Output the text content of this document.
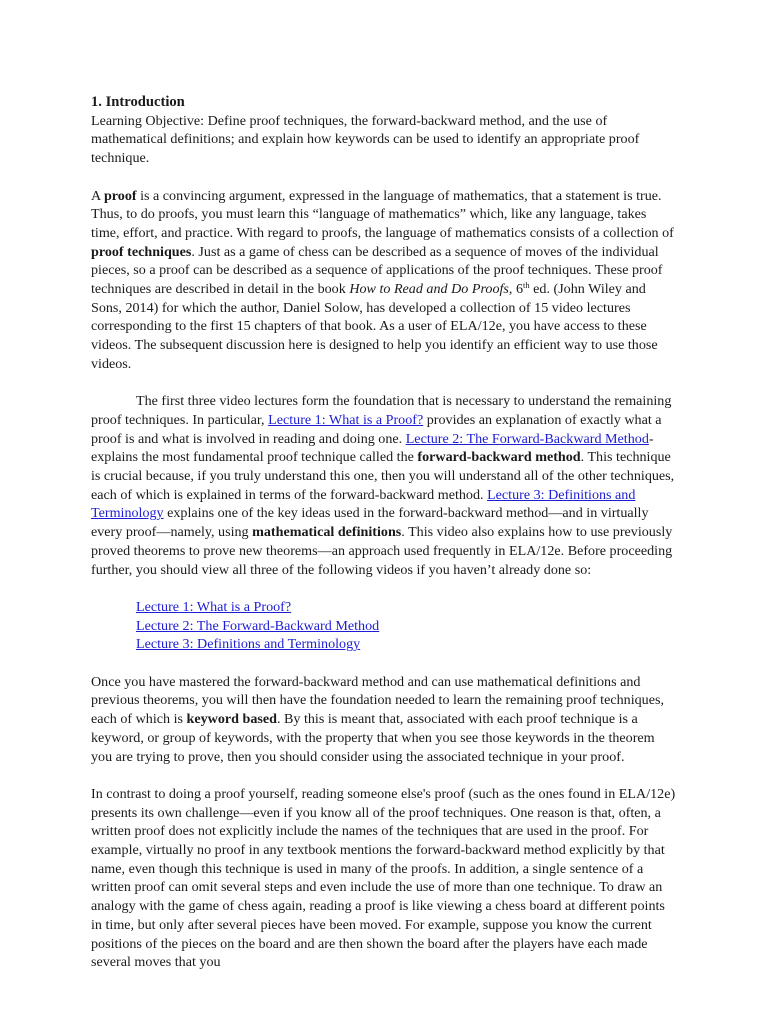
1. Introduction

Learning Objective: Define proof techniques, the forward-backward method, and the use of mathematical definitions; and explain how keywords can be used to identify an appropriate proof technique.

A proof is a convincing argument, expressed in the language of mathematics, that a statement is true. Thus, to do proofs, you must learn this “language of mathematics” which, like any language, takes time, effort, and practice. With regard to proofs, the language of mathematics consists of a collection of proof techniques. Just as a game of chess can be described as a sequence of moves of the individual pieces, so a proof can be described as a sequence of applications of the proof techniques. These proof techniques are described in detail in the book How to Read and Do Proofs, 6th ed. (John Wiley and Sons, 2014) for which the author, Daniel Solow, has developed a collection of 15 video lectures corresponding to the first 15 chapters of that book. As a user of ELA/12e, you have access to these videos. The subsequent discussion here is designed to help you identify an efficient way to use those videos.

The first three video lectures form the foundation that is necessary to understand the remaining proof techniques. In particular, Lecture 1: What is a Proof? provides an explanation of exactly what a proof is and what is involved in reading and doing one. Lecture 2: The Forward-Backward Method- explains the most fundamental proof technique called the forward-backward method. This technique is crucial because, if you truly understand this one, then you will understand all of the other techniques, each of which is explained in terms of the forward-backward method. Lecture 3: Definitions and Terminology explains one of the key ideas used in the forward-backward method—and in virtually every proof—namely, using mathematical definitions. This video also explains how to use previously proved theorems to prove new theorems—an approach used frequently in ELA/12e. Before proceeding further, you should view all three of the following videos if you haven’t already done so:

Lecture 1: What is a Proof?
Lecture 2: The Forward-Backward Method
Lecture 3: Definitions and Terminology

Once you have mastered the forward-backward method and can use mathematical definitions and previous theorems, you will then have the foundation needed to learn the remaining proof techniques, each of which is keyword based. By this is meant that, associated with each proof technique is a keyword, or group of keywords, with the property that when you see those keywords in the theorem you are trying to prove, then you should consider using the associated technique in your proof.

In contrast to doing a proof yourself, reading someone else's proof (such as the ones found in ELA/12e) presents its own challenge—even if you know all of the proof techniques. One reason is that, often, a written proof does not explicitly include the names of the techniques that are used in the proof. For example, virtually no proof in any textbook mentions the forward-backward method explicitly by that name, even though this technique is used in many of the proofs. In addition, a single sentence of a written proof can omit several steps and even include the use of more than one technique. To draw an analogy with the game of chess again, reading a proof is like viewing a chess board at different points in time, but only after several pieces have been moved. For example, suppose you know the current positions of the pieces on the board and are then shown the board after the players have each made several moves that you
